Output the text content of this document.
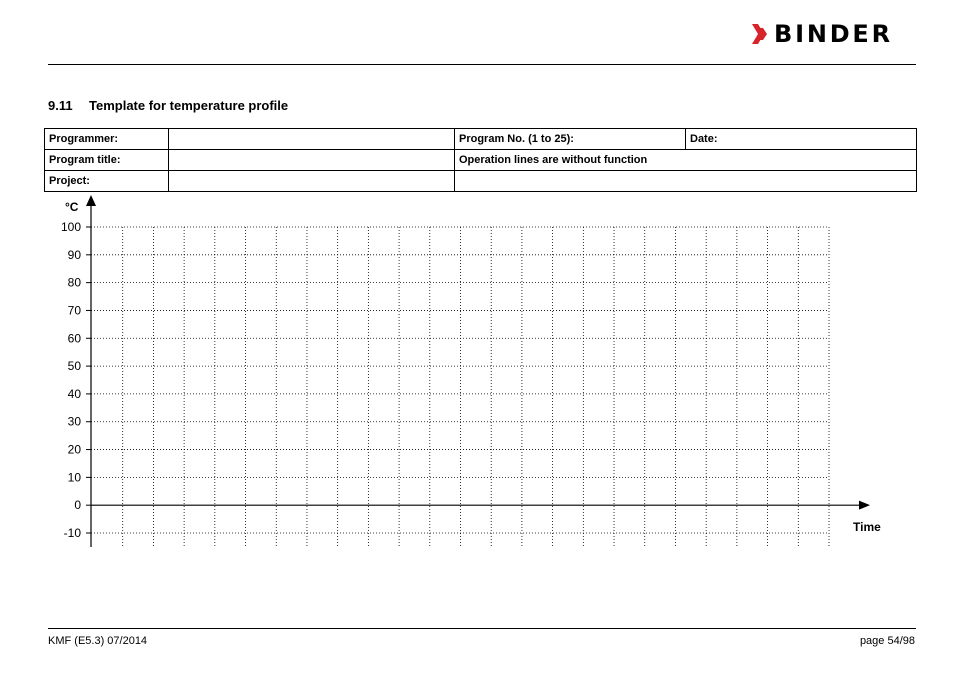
BINDER
9.11 Template for temperature profile
Programmer:		Program No. (1 to 25):	Date:
Program title:		Operation lines are without function	
Project:			
100
90
80
70
60
50
40
30
20
10
0
-10
°C
Time
KMF (E5.3) 07/2014	page 54/98
